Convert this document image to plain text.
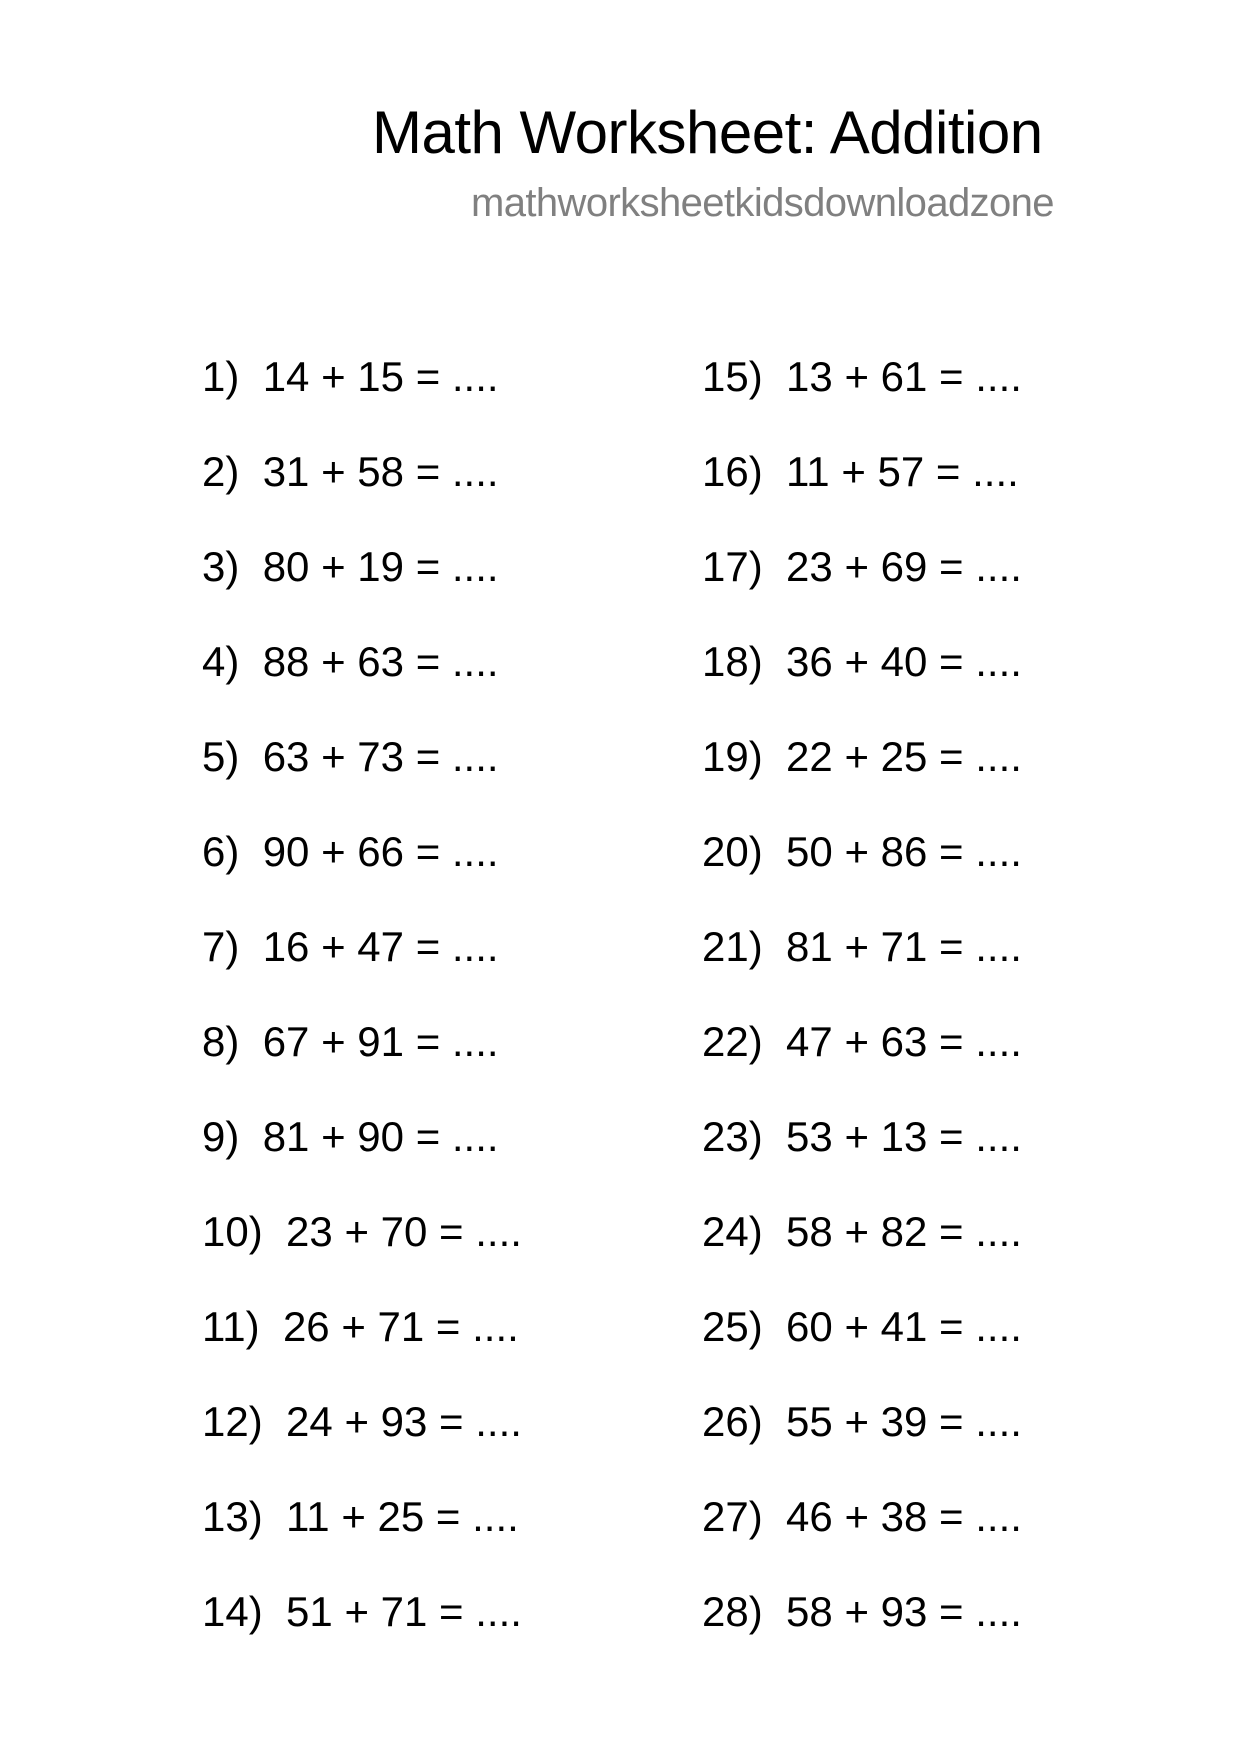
Math Worksheet: Addition
mathworksheetkidsdownloadzone
1) 14 + 15 = ....
2) 31 + 58 = ....
3) 80 + 19 = ....
4) 88 + 63 = ....
5) 63 + 73 = ....
6) 90 + 66 = ....
7) 16 + 47 = ....
8) 67 + 91 = ....
9) 81 + 90 = ....
10) 23 + 70 = ....
11) 26 + 71 = ....
12) 24 + 93 = ....
13) 11 + 25 = ....
14) 51 + 71 = ....
15) 13 + 61 = ....
16) 11 + 57 = ....
17) 23 + 69 = ....
18) 36 + 40 = ....
19) 22 + 25 = ....
20) 50 + 86 = ....
21) 81 + 71 = ....
22) 47 + 63 = ....
23) 53 + 13 = ....
24) 58 + 82 = ....
25) 60 + 41 = ....
26) 55 + 39 = ....
27) 46 + 38 = ....
28) 58 + 93 = ....
